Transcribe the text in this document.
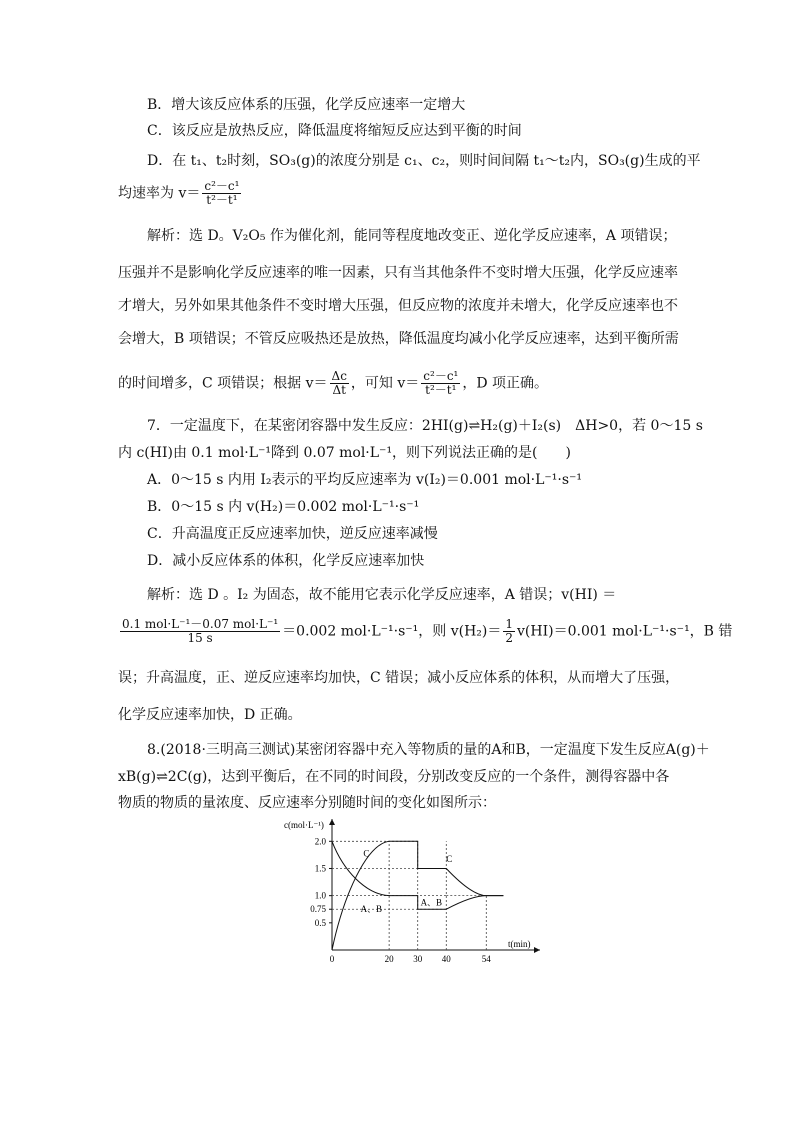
B．增大该反应体系的压强，化学反应速率一定增大
C．该反应是放热反应，降低温度将缩短反应达到平衡的时间
D．在 t₁、t₂时刻，SO₃(g)的浓度分别是 c₁、c₂，则时间间隔 t₁～t₂内，SO₃(g)生成的平
均速率为 $v= \frac{\text{c²－c¹}}{\text{t²－t¹}}$
解析：选 D。V₂O₅ 作为催化剂，能同等程度地改变正、逆化学反应速率，A 项错误；
压强并不是影响化学反应速率的唯一因素，只有当其他条件不变时增大压强，化学反应速率
才增大，另外如果其他条件不变时增大压强，但反应物的浓度并未增大，化学反应速率也不
会增大，B 项错误；不管反应吸热还是放热，降低温度均减小化学反应速率，达到平衡所需
的时间增多，C 项错误；根据 $v= \frac{\Delta c}{\Delta t}$ ，可知 $v= \frac{\text{c²－c¹}}{\text{t²－t¹}}$ ，D 项正确。
7．一定温度下，在某密闭容器中发生反应：2HI(g)⇌H₂(g)＋I₂(s)　ΔH>0，若 0～15 s
内 c(HI)由 0.1 mol·L⁻¹降到 0.07 mol·L⁻¹，则下列说法正确的是(　　)
A．0～15 s 内用 I₂表示的平均反应速率为 v(I₂)＝0.001 mol·L⁻¹·s⁻¹
B．0～15 s 内 v(H₂)＝0.002 mol·L⁻¹·s⁻¹
C．升高温度正反应速率加快，逆反应速率减慢
D．减小反应体系的体积，化学反应速率加快
解析：选 D 。I₂ 为固态，故不能用它表示化学反应速率，A 错误；v(HI) ＝
$\frac{\text{0.1 mol·L⁻¹－0.07 mol·L⁻¹}}{15 s} =0.002$ mol·L⁻¹·s⁻¹，则 $v(H_2)= \frac{1}{2} v(HI)=0.001$ mol·L⁻¹·s⁻¹，B 错
误；升高温度，正、逆反应速率均加快，C 错误；减小反应体系的体积，从而增大了压强，
化学反应速率加快，D 正确。
8.(2018·三明高三测试)某密闭容器中充入等物质的量的A和B，一定温度下发生反应A(g)＋
xB(g)⇌2C(g)，达到平衡后，在不同的时间段，分别改变反应的一个条件，测得容器中各
物质的物质的量浓度、反应速率分别随时间的变化如图所示：
c(mol·L⁻¹)
t(min)
0.5
0.75
1.0
1.5
2.0
0	20 30 40	54
C
A、B
A、B
C
